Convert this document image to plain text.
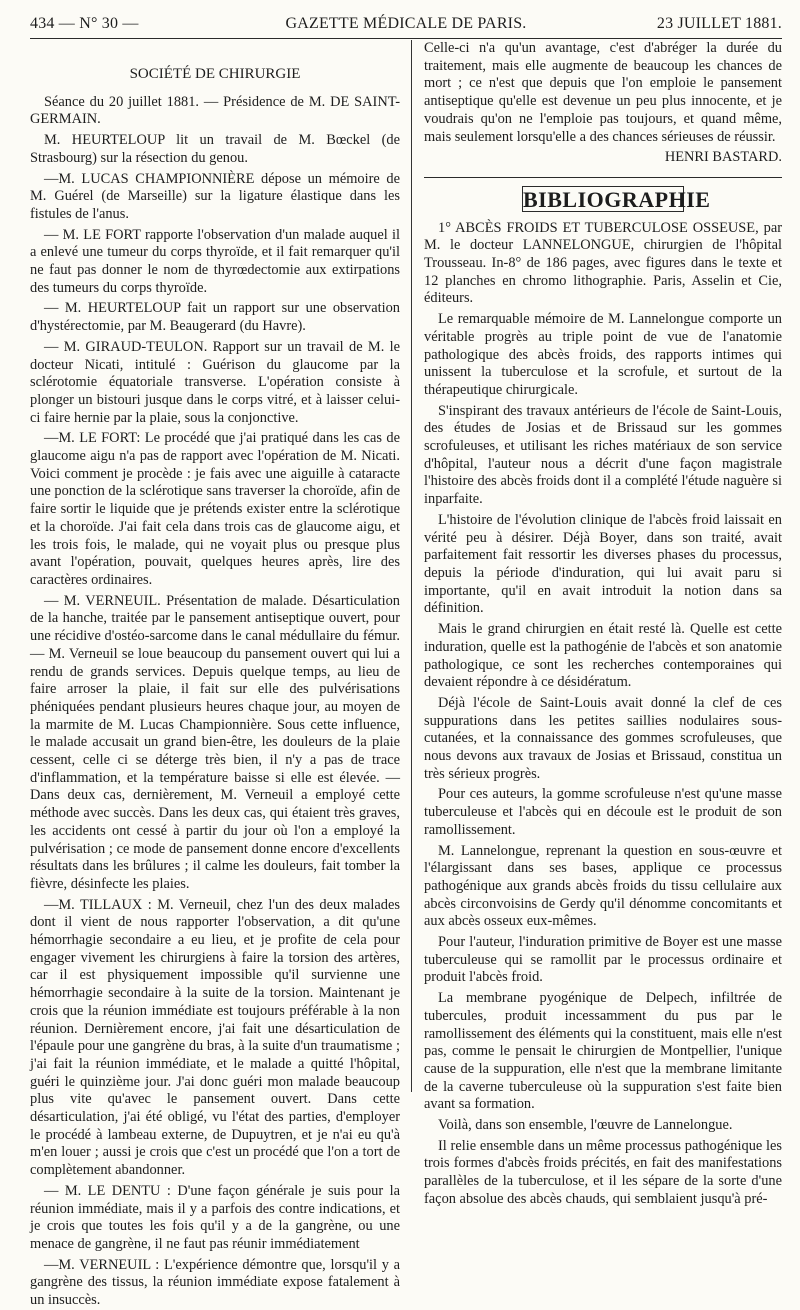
434 — N° 30 —	GAZETTE MÉDICALE DE PARIS.	23 JUILLET 1881.
SOCIÉTÉ DE CHIRURGIE

Séance du 20 juillet 1881. — Présidence de M. DE SAINT-GERMAIN.

M. HEURTELOUP lit un travail de M. Bœckel (de Strasbourg) sur la résection du genou.

—M. LUCAS CHAMPIONNIÈRE dépose un mémoire de M. Guérel (de Marseille) sur la ligature élastique dans les fistules de l'anus.

— M. LE FORT rapporte l'observation d'un malade auquel il a enlevé une tumeur du corps thyroïde, et il fait remarquer qu'il ne faut pas donner le nom de thyrœdectomie aux extirpations des tumeurs du corps thyroïde.

— M. HEURTELOUP fait un rapport sur une observation d'hystérectomie, par M. Beaugerard (du Havre).

— M. GIRAUD-TEULON. Rapport sur un travail de M. le docteur Nicati, intitulé : Guérison du glaucome par la sclérotomie équatoriale transverse. L'opération consiste à plonger un bistouri jusque dans le corps vitré, et à laisser celui-ci faire hernie par la plaie, sous la conjonctive.

—M. LE FORT: Le procédé que j'ai pratiqué dans les cas de glaucome aigu n'a pas de rapport avec l'opération de M. Nicati. Voici comment je procède : je fais avec une aiguille à cataracte une ponction de la sclérotique sans traverser la choroïde, afin de faire sortir le liquide que je prétends exister entre la sclérotique et la choroïde. J'ai fait cela dans trois cas de glaucome aigu, et les trois fois, le malade, qui ne voyait plus ou presque plus avant l'opération, pouvait, quelques heures après, lire des caractères ordinaires.

— M. VERNEUIL. Présentation de malade. Désarticulation de la hanche, traitée par le pansement antiseptique ouvert, pour une récidive d'ostéo-sarcome dans le canal médullaire du fémur. — M. Verneuil se loue beaucoup du pansement ouvert qui lui a rendu de grands services. Depuis quelque temps, au lieu de faire arroser la plaie, il fait sur elle des pulvérisations phéniquées pendant plusieurs heures chaque jour, au moyen de la marmite de M. Lucas Championnière. Sous cette influence, le malade accusait un grand bien-être, les douleurs de la plaie cessent, celle ci se déterge très bien, il n'y a pas de trace d'inflammation, et la température baisse si elle est élevée. — Dans deux cas, dernièrement, M. Verneuil a employé cette méthode avec succès. Dans les deux cas, qui étaient très graves, les accidents ont cessé à partir du jour où l'on a employé la pulvérisation ; ce mode de pansement donne encore d'excellents résultats dans les brûlures ; il calme les douleurs, fait tomber la fièvre, désinfecte les plaies.

—M. TILLAUX : M. Verneuil, chez l'un des deux malades dont il vient de nous rapporter l'observation, a dit qu'une hémorrhagie secondaire a eu lieu, et je profite de cela pour engager vivement les chirurgiens à faire la torsion des artères, car il est physiquement impossible qu'il survienne une hémorrhagie secondaire à la suite de la torsion. Maintenant je crois que la réunion immédiate est toujours préférable à la non réunion. Dernièrement encore, j'ai fait une désarticulation de l'épaule pour une gangrène du bras, à la suite d'un traumatisme ; j'ai fait la réunion immédiate, et le malade a quitté l'hôpital, guéri le quinzième jour. J'ai donc guéri mon malade beaucoup plus vite qu'avec le pansement ouvert. Dans cette désarticulation, j'ai été obligé, vu l'état des parties, d'employer le procédé à lambeau externe, de Dupuytren, et je n'ai eu qu'à m'en louer ; aussi je crois que c'est un procédé que l'on a tort de complètement abandonner.

— M. LE DENTU : D'une façon générale je suis pour la réunion immédiate, mais il y a parfois des contre indications, et je crois que toutes les fois qu'il y a de la gangrène, ou une menace de gangrène, il ne faut pas réunir immédiatement

—M. VERNEUIL : L'expérience démontre que, lorsqu'il y a gangrène des tissus, la réunion immédiate expose fatalement à un insuccès.

Celle-ci n'a qu'un avantage, c'est d'abréger la durée du traitement, mais elle augmente de beaucoup les chances de mort ; ce n'est que depuis que l'on emploie le pansement antiseptique qu'elle est devenue un peu plus innocente, et je voudrais qu'on ne l'emploie pas toujours, et quand même, mais seulement lorsqu'elle a des chances sérieuses de réussir.

HENRI BASTARD.

BIBLIOGRAPHIE

1° ABCÈS FROIDS ET TUBERCULOSE OSSEUSE, par M. le docteur LANNELONGUE, chirurgien de l'hôpital Trousseau. In-8° de 186 pages, avec figures dans le texte et 12 planches en chromo lithographie. Paris, Asselin et Cie, éditeurs.

Le remarquable mémoire de M. Lannelongue comporte un véritable progrès au triple point de vue de l'anatomie pathologique des abcès froids, des rapports intimes qui unissent la tuberculose et la scrofule, et surtout de la thérapeutique chirurgicale.

S'inspirant des travaux antérieurs de l'école de Saint-Louis, des études de Josias et de Brissaud sur les gommes scrofuleuses, et utilisant les riches matériaux de son service d'hôpital, l'auteur nous a décrit d'une façon magistrale l'histoire des abcès froids dont il a complété l'étude naguère si inparfaite.

L'histoire de l'évolution clinique de l'abcès froid laissait en vérité peu à désirer. Déjà Boyer, dans son traité, avait parfaitement fait ressortir les diverses phases du processus, depuis la période d'induration, qui lui avait paru si importante, qu'il en avait introduit la notion dans sa définition.

Mais le grand chirurgien en était resté là. Quelle est cette induration, quelle est la pathogénie de l'abcès et son anatomie pathologique, ce sont les recherches contemporaines qui devaient répondre à ce désidératum.

Déjà l'école de Saint-Louis avait donné la clef de ces suppurations dans les petites saillies nodulaires sous-cutanées, et la connaissance des gommes scrofuleuses, que nous devons aux travaux de Josias et Brissaud, constitua un très sérieux progrès.

Pour ces auteurs, la gomme scrofuleuse n'est qu'une masse tuberculeuse et l'abcès qui en découle est le produit de son ramollissement.

M. Lannelongue, reprenant la question en sous-œuvre et l'élargissant dans ses bases, applique ce processus pathogénique aux grands abcès froids du tissu cellulaire aux abcès circonvoisins de Gerdy qu'il dénomme concomitants et aux abcès osseux eux-mêmes.

Pour l'auteur, l'induration primitive de Boyer est une masse tuberculeuse qui se ramollit par le processus ordinaire et produit l'abcès froid.

La membrane pyogénique de Delpech, infiltrée de tubercules, produit incessamment du pus par le ramollissement des éléments qui la constituent, mais elle n'est pas, comme le pensait le chirurgien de Montpellier, l'unique cause de la suppuration, elle n'est que la membrane limitante de la caverne tuberculeuse où la suppuration s'est faite bien avant sa formation.

Voilà, dans son ensemble, l'œuvre de Lannelongue.

Il relie ensemble dans un même processus pathogénique les trois formes d'abcès froids précités, en fait des manifestations parallèles de la tuberculose, et il les sépare de la sorte d'une façon absolue des abcès chauds, qui semblaient jusqu'à pré-
